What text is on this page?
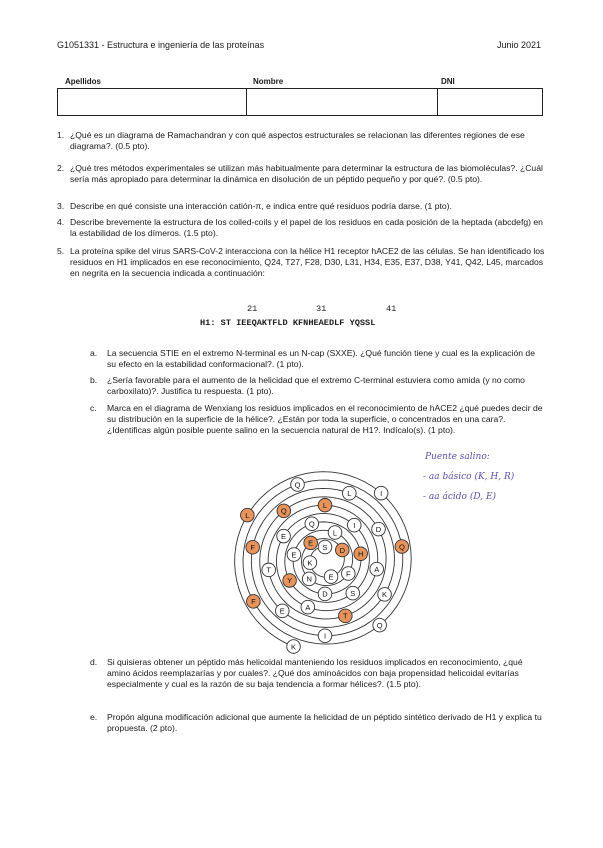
G1051331 - Estructura e ingeniería de las proteínas	Junio 2021
Apellidos	Nombre	DNI
1. ¿Qué es un diagrama de Ramachandran y con qué aspectos estructurales se relacionan las diferentes regiones de ese diagrama?. (0.5 pto).
2. ¿Qué tres métodos experimentales se utilizan más habitualmente para determinar la estructura de las biomoléculas?. ¿Cuál sería más apropiado para determinar la dinámica en disolución de un péptido pequeño y por qué?. (0.5 pto).
3. Describe en qué consiste una interacción catión-π, e indica entre qué residuos podría darse. (1 pto).
4. Describe brevemente la estructura de los coiled-coils y el papel de los residuos en cada posición de la heptada (abcdefg) en la estabilidad de los dímeros. (1.5 pto).
5. La proteína spike del virus SARS-CoV-2 interacciona con la hélice H1 receptor hACE2 de las células. Se han identificado los residuos en H1 implicados en ese reconocimiento, Q24, T27, F28, D30, L31, H34, E35, E37, D38, Y41, Q42, L45, marcados en negrita en la secuencia indicada a continuación:
21	31	41
H1: ST IEEQAKTFLD KFNHEAEDLF YQSSL
a. La secuencia STIE en el extremo N-terminal es un N-cap (SXXE). ¿Qué función tiene y cual es la explicación de su efecto en la estabilidad conformacional?. (1 pto).
b. ¿Sería favorable para el aumento de la helicidad que el extremo C-terminal estuviera como amida (y no como carboxilato)?. Justifica tu respuesta. (1 pto).
c. Marca en el diagrama de Wenxiang los residuos implicados en el reconocimiento de hACE2 ¿qué puedes decir de su distribución en la superficie de la hélice?. ¿Están por toda la superficie, o concentrados en una cara?. ¿Identificas algún posible puente salino en la secuencia natural de H1?. Indícalo(s). (1 pto).
Puente salino:
- aa básico (K, H, R)
- aa ácido (D, E)
S
K
E
D
E
N
F
L
E
D
H
Q
Y
S
I
E
A
A
L
T
T
D
Q
E
K
L
F
I
Q
Q
F
Q
I
L
K
d. Si quisieras obtener un péptido más helicoidal manteniendo los residuos implicados en reconocimiento, ¿qué amino ácidos reemplazarías y por cuales?. ¿Qué dos aminoácidos con baja propensidad helicoidal evitarías especialmente y cual es la razón de su baja tendencia a formar hélices?. (1.5 pto).
e. Propón alguna modificación adicional que aumente la helicidad de un péptido sintético derivado de H1 y explica tu propuesta. (2 pto).
